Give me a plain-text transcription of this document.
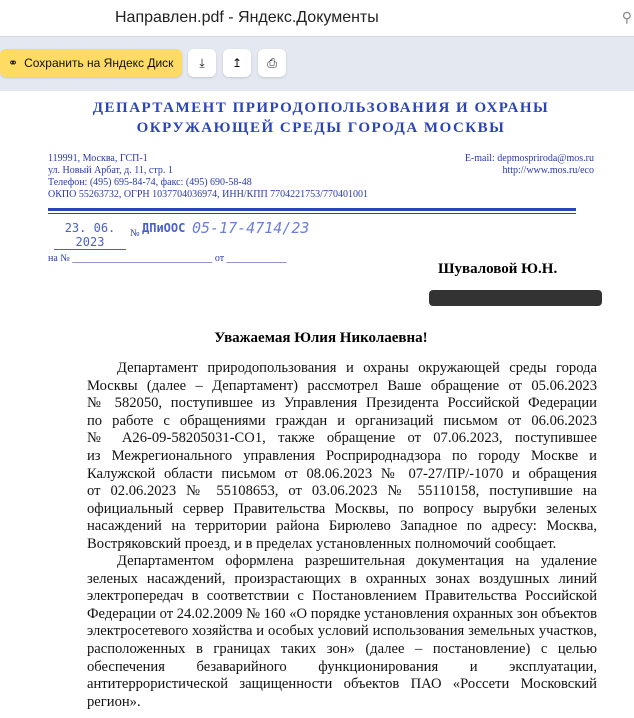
Направлен.pdf - Яндекс.Документы	⚲
⚭ Сохранить на Яндекс Диск ⤓ ↥ ⎙
ДЕПАРТАМЕНТ ПРИРОДОПОЛЬЗОВАНИЯ И ОХРАНЫ
ОКРУЖАЮЩЕЙ СРЕДЫ ГОРОДА МОСКВЫ
119991, Москва, ГСП-1
ул. Новый Арбат, д. 11, стр. 1
Телефон: (495) 695-84-74, факс: (495) 690-58-48
ОКПО 55263732, ОГРН 1037704036974, ИНН/КПП 7704221753/770401001
E-mail: depmospriroda@mos.ru
http://www.mos.ru/eco
23. 06. 2023
№ ДПиООС 05-17-4714/23
на № ____________________________ от ____________
Шуваловой Ю.Н.
Уважаемая Юлия Николаевна!
Департамент природопользования и охраны окружающей среды города
Москвы (далее – Департамент) рассмотрел Ваше обращение от 05.06.2023
№ 582050, поступившее из Управления Президента Российской Федерации
по работе с обращениями граждан и организаций письмом от 06.06.2023
№ А26-09-58205031-СО1, также обращение от 07.06.2023, поступившее
из Межрегионального управления Росприроднадзора по городу Москве и
Калужской области письмом от 08.06.2023 № 07-27/ПР/-1070 и обращения
от 02.06.2023 № 55108653, от 03.06.2023 № 55110158, поступившие на
официальный сервер Правительства Москвы, по вопросу вырубки зеленых
насаждений на территории района Бирюлево Западное по адресу: Москва,
Востряковский проезд, и в пределах установленных полномочий сообщает.
Департаментом оформлена разрешительная документация на удаление
зеленых насаждений, произрастающих в охранных зонах воздушных линий
электропередач в соответствии с Постановлением Правительства Российской
Федерации от 24.02.2009 № 160 «О порядке установления охранных зон объектов
электросетевого хозяйства и особых условий использования земельных участков,
расположенных в границах таких зон» (далее – постановление) с целью
обеспечения безаварийного функционирования и эксплуатации,
антитеррористической защищенности объектов ПАО «Россети Московский
регион».
